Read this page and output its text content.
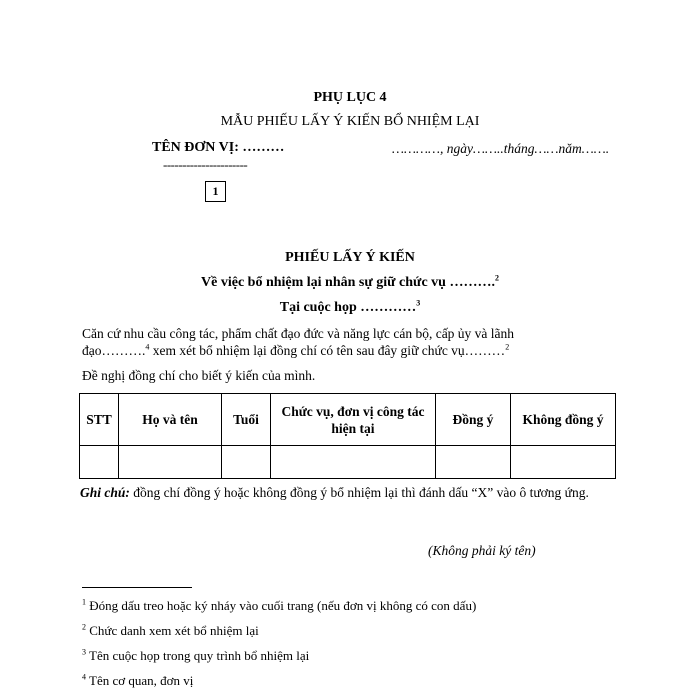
PHỤ LỤC 4
MẪU PHIẾU LẤY Ý KIẾN BỔ NHIỆM LẠI
TÊN ĐƠN VỊ: ………
----------------------
…………, ngày……..tháng……năm…….
1
PHIẾU LẤY Ý KIẾN
Về việc bổ nhiệm lại nhân sự giữ chức vụ ……….$^2$
Tại cuộc họp …………$^3$
Căn cứ nhu cầu công tác, phẩm chất đạo đức và năng lực cán bộ, cấp ủy và lãnh đạo……….$^4$ xem xét bổ nhiệm lại đồng chí có tên sau đây giữ chức vụ………$^2$
Đề nghị đồng chí cho biết ý kiến của mình.
STT	Họ và tên	Tuổi	Chức vụ, đơn vị công tác hiện tại	Đồng ý	Không đồng ý

Ghi chú: đồng chí đồng ý hoặc không đồng ý bổ nhiệm lại thì đánh dấu “X” vào ô tương ứng.
(Không phải ký tên)
$^1$ Đóng dấu treo hoặc ký nháy vào cuối trang (nếu đơn vị không có con dấu)
$^2$ Chức danh xem xét bổ nhiệm lại
$^3$ Tên cuộc họp trong quy trình bổ nhiệm lại
$^4$ Tên cơ quan, đơn vị
